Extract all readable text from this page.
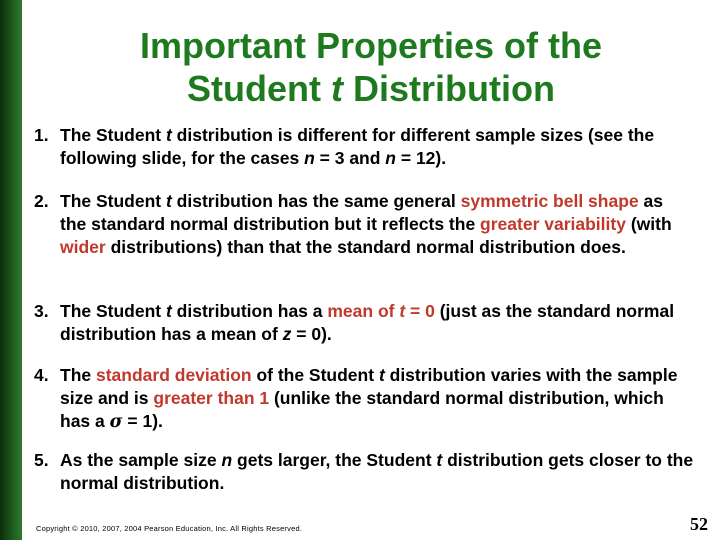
Important Properties of the
Student t Distribution
1. The Student t distribution is different for different sample sizes (see the following slide, for the cases n = 3 and n = 12).
2. The Student t distribution has the same general symmetric bell shape as the standard normal distribution but it reflects the greater variability (with wider distributions) than that the standard normal distribution does.
3. The Student t distribution has a mean of t = 0 (just as the standard normal distribution has a mean of z = 0).
4. The standard deviation of the Student t distribution varies with the sample size and is greater than 1 (unlike the standard normal distribution, which has a σ = 1).
5. As the sample size n gets larger, the Student t distribution gets closer to the normal distribution.
Copyright © 2010, 2007, 2004 Pearson Education, Inc. All Rights Reserved.	52
